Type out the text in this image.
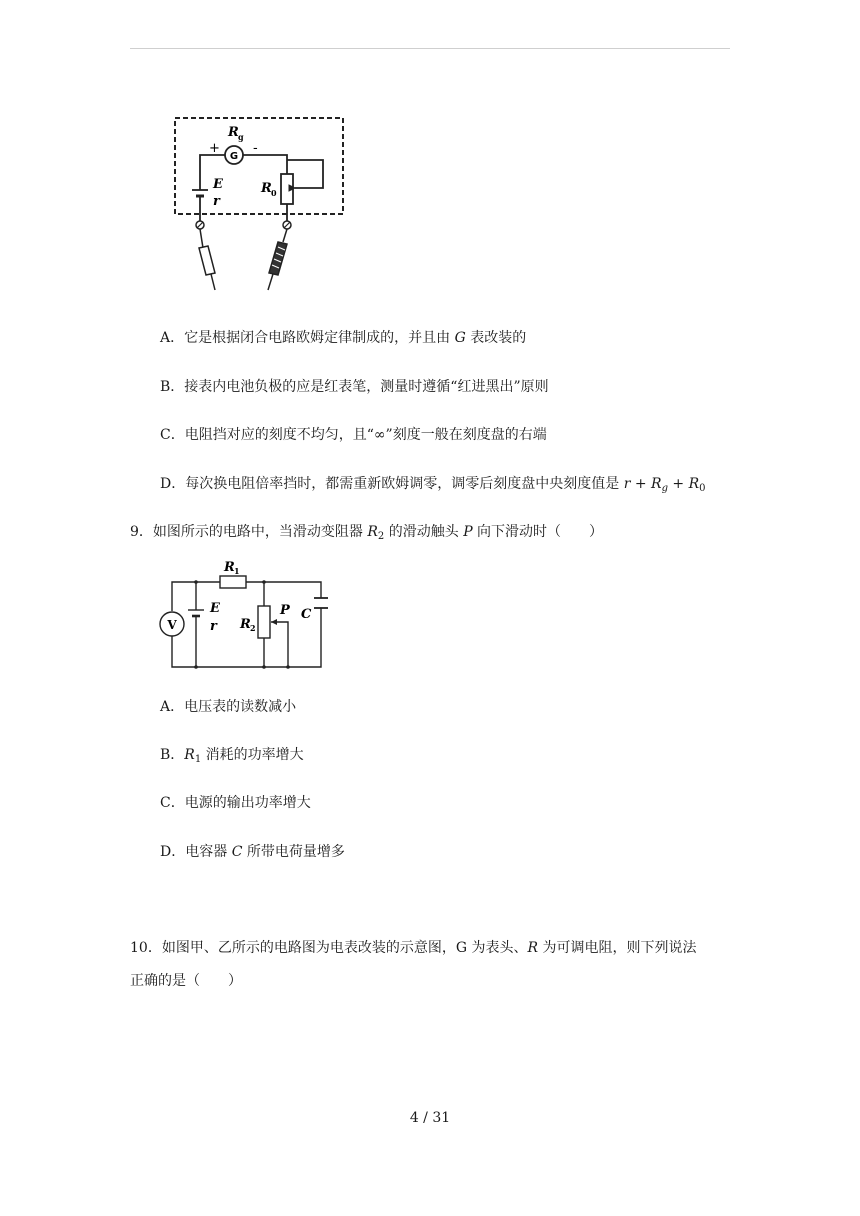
G
R g
+	-
E
r
R 0
A．它是根据闭合电路欧姆定律制成的，并且由 G 表改装的
B．接表内电池负极的应是红表笔，测量时遵循“红进黑出”原则
C．电阻挡对应的刻度不均匀，且“∞”刻度一般在刻度盘的右端
D．每次换电阻倍率挡时，都需重新欧姆调零，调零后刻度盘中央刻度值是 $r + R_g + R_0$
9．如图所示的电路中，当滑动变阻器 $R_2$ 的滑动触头 P 向下滑动时（　　）
R 1
V
E
r R 2
P C
A．电压表的读数减小
B．$R_1$ 消耗的功率增大
C．电源的输出功率增大
D．电容器 C 所带电荷量增多
10．如图甲、乙所示的电路图为电表改装的示意图，G 为表头、R 为可调电阻，则下列说法
正确的是（　　）
4 / 31
